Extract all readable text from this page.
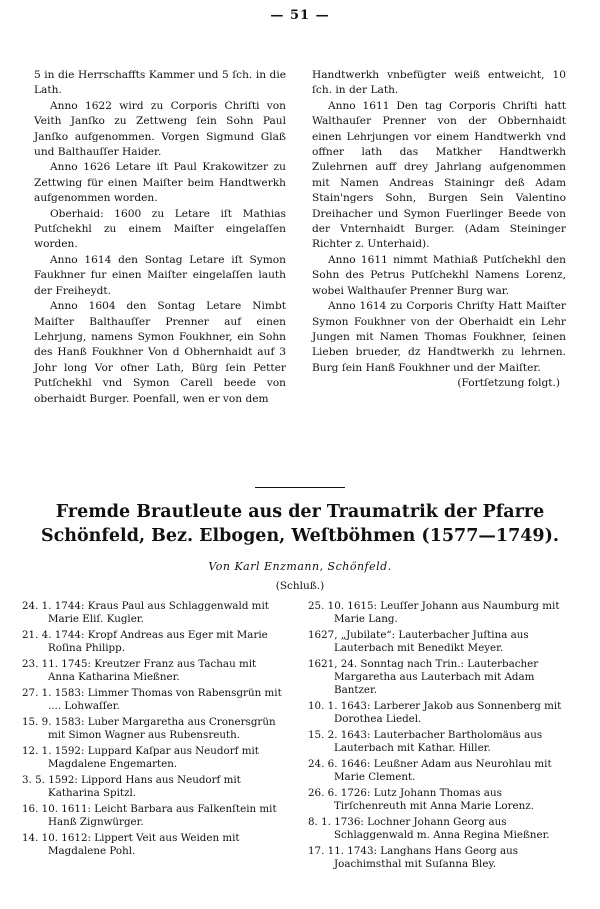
— 51 —

5 in die Herrschaffts Kammer und 5 ſch. in die Lath.

Anno 1622 wird zu Corporis Chriſti von Veith Janſko zu Zettweng ſein Sohn Paul Janſko aufgenommen. Vorgen Sigmund Glaß und Balthauſſer Haider.

Anno 1626 Letare iſt Paul Krakowitzer zu Zettwing für einen Maiſter beim Handtwerkh aufgenommen worden.

Oberhaid: 1600 zu Letare iſt Mathias Putſchekhl zu einem Maiſter eingelaſſen worden.

Anno 1614 den Sontag Letare iſt Symon Faukhner fur einen Maiſter eingelaſſen lauth der Freiheydt.

Anno 1604 den Sontag Letare Nimbt Maiſter Balthauſſer Prenner auf einen Lehrjung, namens Symon Foukhner, ein Sohn des Hanß Foukhner Von d Obhernhaidt auf 3 Johr long Vor ofner Lath, Bürg ſein Petter Putſchekhl vnd Symon Carell beede von oberhaidt Burger. Poenfall, wen er von dem

Handtwerkh vnbefügter weiß entweicht, 10 ſch. in der Lath.

Anno 1611 Den tag Corporis Chriſti hatt Walthauſer Prenner von der Obbernhaidt einen Lehrjungen vor einem Handtwerkh vnd offner lath das Matkher Handtwerkh Zulehrnen auff drey Jahrlang aufgenommen mit Namen Andreas Stainingr deß Adam Stain'ngers Sohn, Burgen Sein Valentino Dreihacher und Symon Fuerlinger Beede von der Vnternhaidt Burger. (Adam Steininger Richter z. Unterhaid).

Anno 1611 nimmt Mathiaß Putſchekhl den Sohn des Petrus Putſchekhl Namens Lorenz, wobei Walthauſer Prenner Burg war.

Anno 1614 zu Corporis Chriſty Hatt Maiſter Symon Foukhner von der Oberhaidt ein Lehr Jungen mit Namen Thomas Foukhner, ſeinen Lieben brueder, dz Handtwerkh zu lehrnen. Burg ſein Hanß Foukhner und der Maiſter.

(Fortſetzung folgt.)

Fremde Brautleute aus der Traumatrik der Pfarre Schönfeld, Bez. Elbogen, Weſtböhmen (1577—1749).
Von Karl Enzmann, Schönfeld.
(Schluß.)

24. 1. 1744: Kraus Paul aus Schlaggenwald mit Marie Eliſ. Kugler.

21. 4. 1744: Kropf Andreas aus Eger mit Marie Roſina Philipp.

23. 11. 1745: Kreutzer Franz aus Tachau mit Anna Katharina Mießner.

27. 1. 1583: Limmer Thomas von Rabensgrün mit .... Lohwaſſer.

15. 9. 1583: Luber Margaretha aus Cronersgrün mit Simon Wagner aus Rubensreuth.

12. 1. 1592: Luppard Kaſpar aus Neudorf mit Magdalene Engemarten.

3. 5. 1592: Lippord Hans aus Neudorf mit Katharina Spitzl.

16. 10. 1611: Leicht Barbara aus Falkenſtein mit Hanß Zignwürger.

14. 10. 1612: Lippert Veit aus Weiden mit Magdalene Pohl.

25. 10. 1615: Leuſſer Johann aus Naumburg mit Marie Lang.

1627, „Jubilate“: Lauterbacher Juſtina aus Lauterbach mit Benedikt Meyer.

1621, 24. Sonntag nach Trin.: Lauterbacher Margaretha aus Lauterbach mit Adam Bantzer.

10. 1. 1643: Larberer Jakob aus Sonnenberg mit Dorothea Liedel.

15. 2. 1643: Lauterbacher Bartholomäus aus Lauterbach mit Kathar. Hiller.

24. 6. 1646: Leußner Adam aus Neurohlau mit Marie Clement.

26. 6. 1726: Lutz Johann Thomas aus Tirſchenreuth mit Anna Marie Lorenz.

8. 1. 1736: Lochner Johann Georg aus Schlaggenwald m. Anna Regina Mießner.

17. 11. 1743: Langhans Hans Georg aus Joachimsthal mit Suſanna Bley.
